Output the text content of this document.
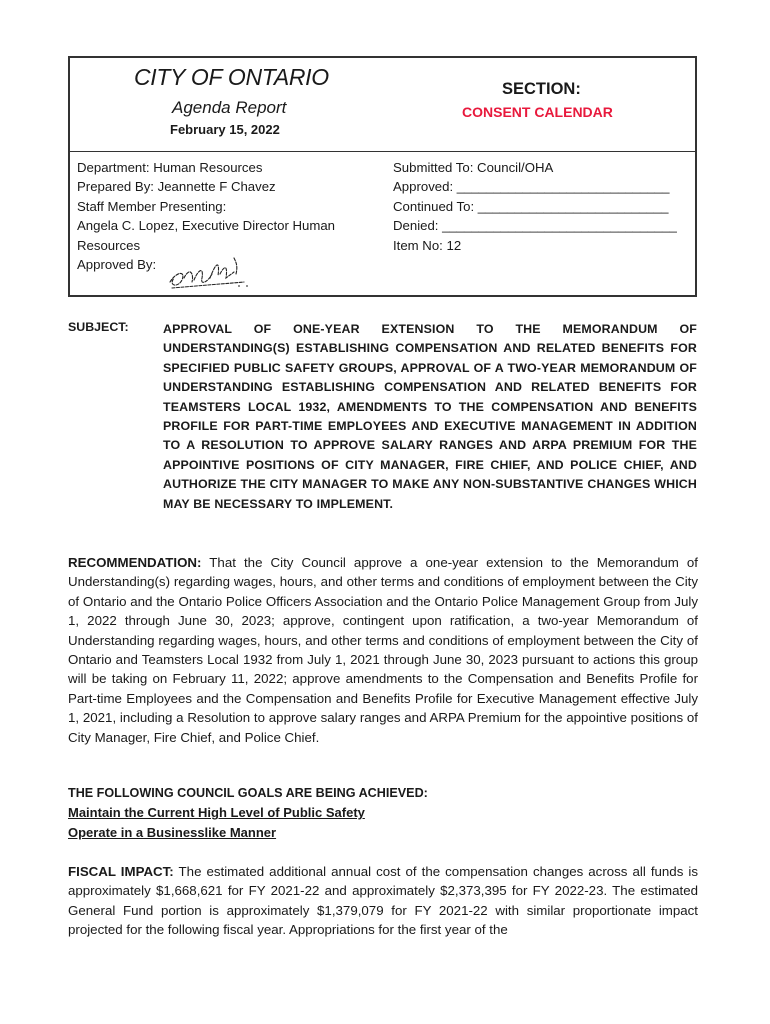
CITY OF ONTARIO
Agenda Report
February 15, 2022
SECTION:
CONSENT CALENDAR
Department: Human Resources
Prepared By: Jeannette F Chavez
Staff Member Presenting:
Angela C. Lopez, Executive Director Human Resources
Approved By:
Submitted To: Council/OHA
Approved: _____________________________
Continued To: __________________________
Denied: ________________________________
Item No: 12
SUBJECT:	APPROVAL OF ONE-YEAR EXTENSION TO THE MEMORANDUM OF UNDERSTANDING(S) ESTABLISHING COMPENSATION AND RELATED BENEFITS FOR SPECIFIED PUBLIC SAFETY GROUPS, APPROVAL OF A TWO-YEAR MEMORANDUM OF UNDERSTANDING ESTABLISHING COMPENSATION AND RELATED BENEFITS FOR TEAMSTERS LOCAL 1932, AMENDMENTS TO THE COMPENSATION AND BENEFITS PROFILE FOR PART-TIME EMPLOYEES AND EXECUTIVE MANAGEMENT IN ADDITION TO A RESOLUTION TO APPROVE SALARY RANGES AND ARPA PREMIUM FOR THE APPOINTIVE POSITIONS OF CITY MANAGER, FIRE CHIEF, AND POLICE CHIEF, AND AUTHORIZE THE CITY MANAGER TO MAKE ANY NON-SUBSTANTIVE CHANGES WHICH MAY BE NECESSARY TO IMPLEMENT.
RECOMMENDATION: That the City Council approve a one-year extension to the Memorandum of Understanding(s) regarding wages, hours, and other terms and conditions of employment between the City of Ontario and the Ontario Police Officers Association and the Ontario Police Management Group from July 1, 2022 through June 30, 2023; approve, contingent upon ratification, a two-year Memorandum of Understanding regarding wages, hours, and other terms and conditions of employment between the City of Ontario and Teamsters Local 1932 from July 1, 2021 through June 30, 2023 pursuant to actions this group will be taking on February 11, 2022; approve amendments to the Compensation and Benefits Profile for Part-time Employees and the Compensation and Benefits Profile for Executive Management effective July 1, 2021, including a Resolution to approve salary ranges and ARPA Premium for the appointive positions of City Manager, Fire Chief, and Police Chief.
THE FOLLOWING COUNCIL GOALS ARE BEING ACHIEVED:
Maintain the Current High Level of Public Safety
Operate in a Businesslike Manner
FISCAL IMPACT: The estimated additional annual cost of the compensation changes across all funds is approximately $1,668,621 for FY 2021-22 and approximately $2,373,395 for FY 2022-23. The estimated General Fund portion is approximately $1,379,079 for FY 2021-22 with similar proportionate impact projected for the following fiscal year. Appropriations for the first year of the
